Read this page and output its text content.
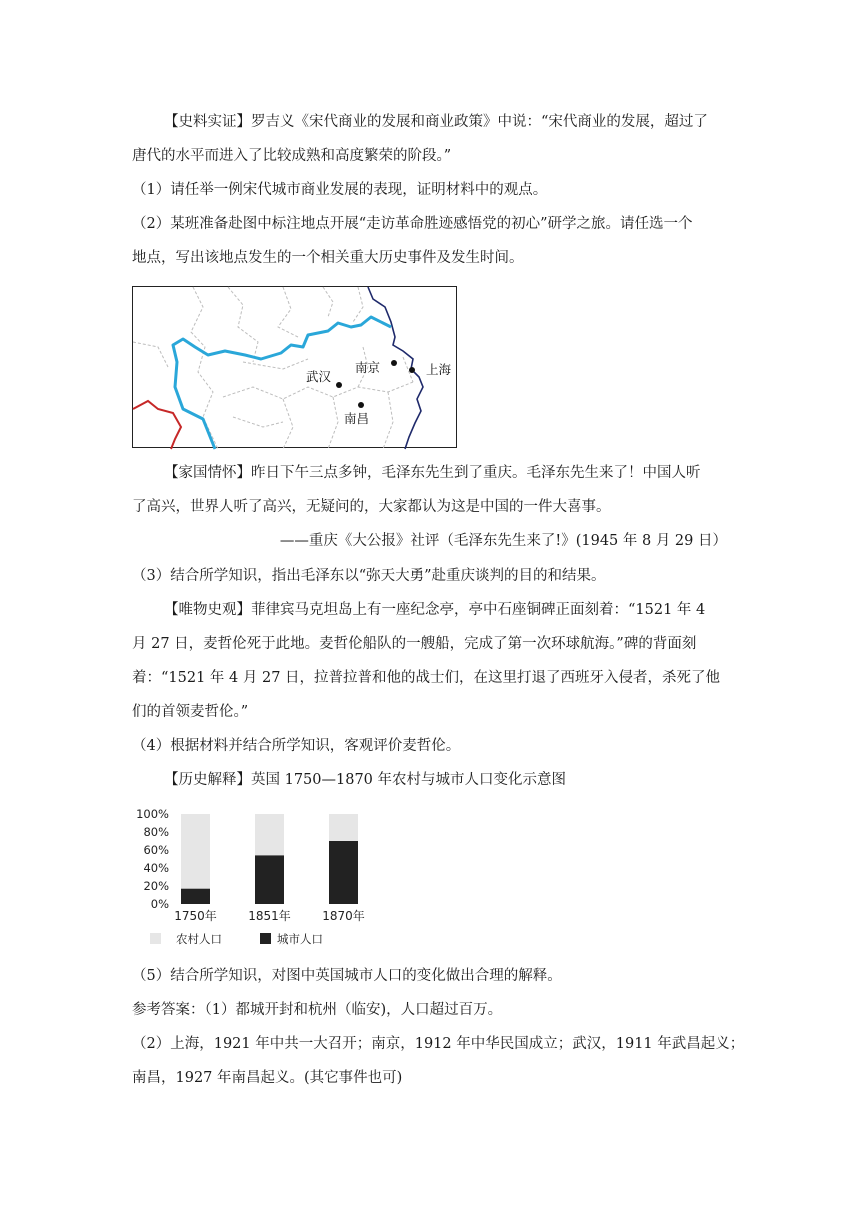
【史料实证】罗吉义《宋代商业的发展和商业政策》中说：“宋代商业的发展，超过了
唐代的水平而进入了比较成熟和高度繁荣的阶段。”
（1）请任举一例宋代城市商业发展的表现，证明材料中的观点。
（2）某班准备赴图中标注地点开展“走访革命胜迹感悟党的初心”研学之旅。请任选一个
地点，写出该地点发生的一个相关重大历史事件及发生时间。
南京	上海
武汉
南昌
【家国情怀】昨日下午三点多钟，毛泽东先生到了重庆。毛泽东先生来了！中国人听
了高兴，世界人听了高兴，无疑问的，大家都认为这是中国的一件大喜事。
——重庆《大公报》社评（毛泽东先生来了!》(1945 年 8 月 29 日）
（3）结合所学知识，指出毛泽东以“弥天大勇”赴重庆谈判的目的和结果。
【唯物史观】菲律宾马克坦岛上有一座纪念亭，亭中石座铜碑正面刻着：“1521 年 4
月 27 日，麦哲伦死于此地。麦哲伦船队的一艘船，完成了第一次环球航海。”碑的背面刻
着：“1521 年 4 月 27 日，拉普拉普和他的战士们，在这里打退了西班牙入侵者，杀死了他
们的首领麦哲伦。”
（4）根据材料并结合所学知识，客观评价麦哲伦。
【历史解释】英国 1750—1870 年农村与城市人口变化示意图
100%
80%
60%
40%
20%
0%
1750年	1851年	1870年
农村人口	城市人口
（5）结合所学知识，对图中英国城市人口的变化做出合理的解释。
参考答案：（1）都城开封和杭州（临安)，人口超过百万。
（2）上海，1921 年中共一大召开；南京，1912 年中华民国成立；武汉，1911 年武昌起义；
南昌，1927 年南昌起义。(其它事件也可)
